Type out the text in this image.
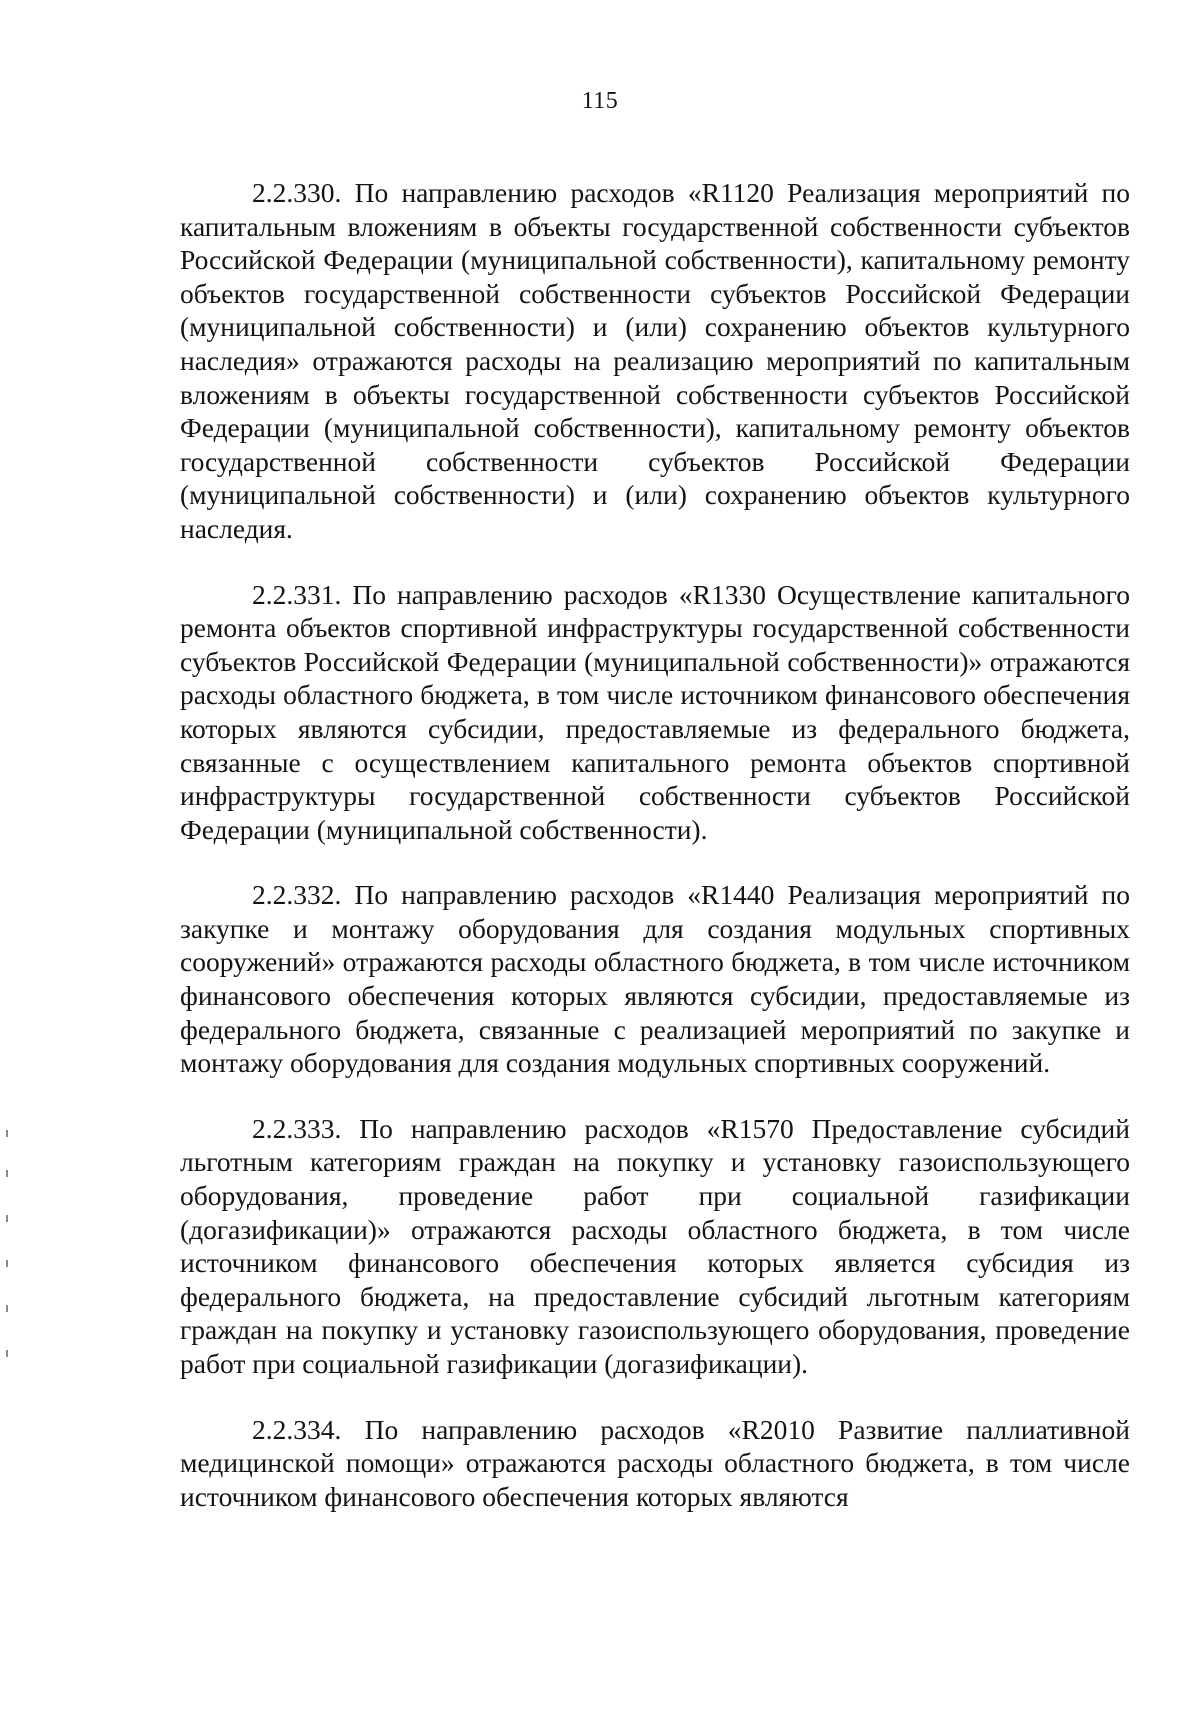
115

2.2.330. По направлению расходов «R1120 Реализация мероприятий по капитальным вложениям в объекты государственной собственности субъектов Российской Федерации (муниципальной собственности), капитальному ремонту объектов государственной собственности субъектов Российской Федерации (муниципальной собственности) и (или) сохранению объектов культурного наследия» отражаются расходы на реализацию мероприятий по капитальным вложениям в объекты государственной собственности субъектов Российской Федерации (муниципальной собственности), капитальному ремонту объектов государственной собственности субъектов Российской Федерации (муниципальной собственности) и (или) сохранению объектов культурного наследия.

2.2.331. По направлению расходов «R1330 Осуществление капитального ремонта объектов спортивной инфраструктуры государственной собственности субъектов Российской Федерации (муниципальной собственности)» отражаются расходы областного бюджета, в том числе источником финансового обеспечения которых являются субсидии, предоставляемые из федерального бюджета, связанные с осуществлением капитального ремонта объектов спортивной инфраструктуры государственной собственности субъектов Российской Федерации (муниципальной собственности).

2.2.332. По направлению расходов «R1440 Реализация мероприятий по закупке и монтажу оборудования для создания модульных спортивных сооружений» отражаются расходы областного бюджета, в том числе источником финансового обеспечения которых являются субсидии, предоставляемые из федерального бюджета, связанные с реализацией мероприятий по закупке и монтажу оборудования для создания модульных спортивных сооружений.

2.2.333. По направлению расходов «R1570 Предоставление субсидий льготным категориям граждан на покупку и установку газоиспользующего оборудования, проведение работ при социальной газификации (догазификации)» отражаются расходы областного бюджета, в том числе источником финансового обеспечения которых является субсидия из федерального бюджета, на предоставление субсидий льготным категориям граждан на покупку и установку газоиспользующего оборудования, проведение работ при социальной газификации (догазификации).

2.2.334. По направлению расходов «R2010 Развитие паллиативной медицинской помощи» отражаются расходы областного бюджета, в том числе источником финансового обеспечения которых являются
